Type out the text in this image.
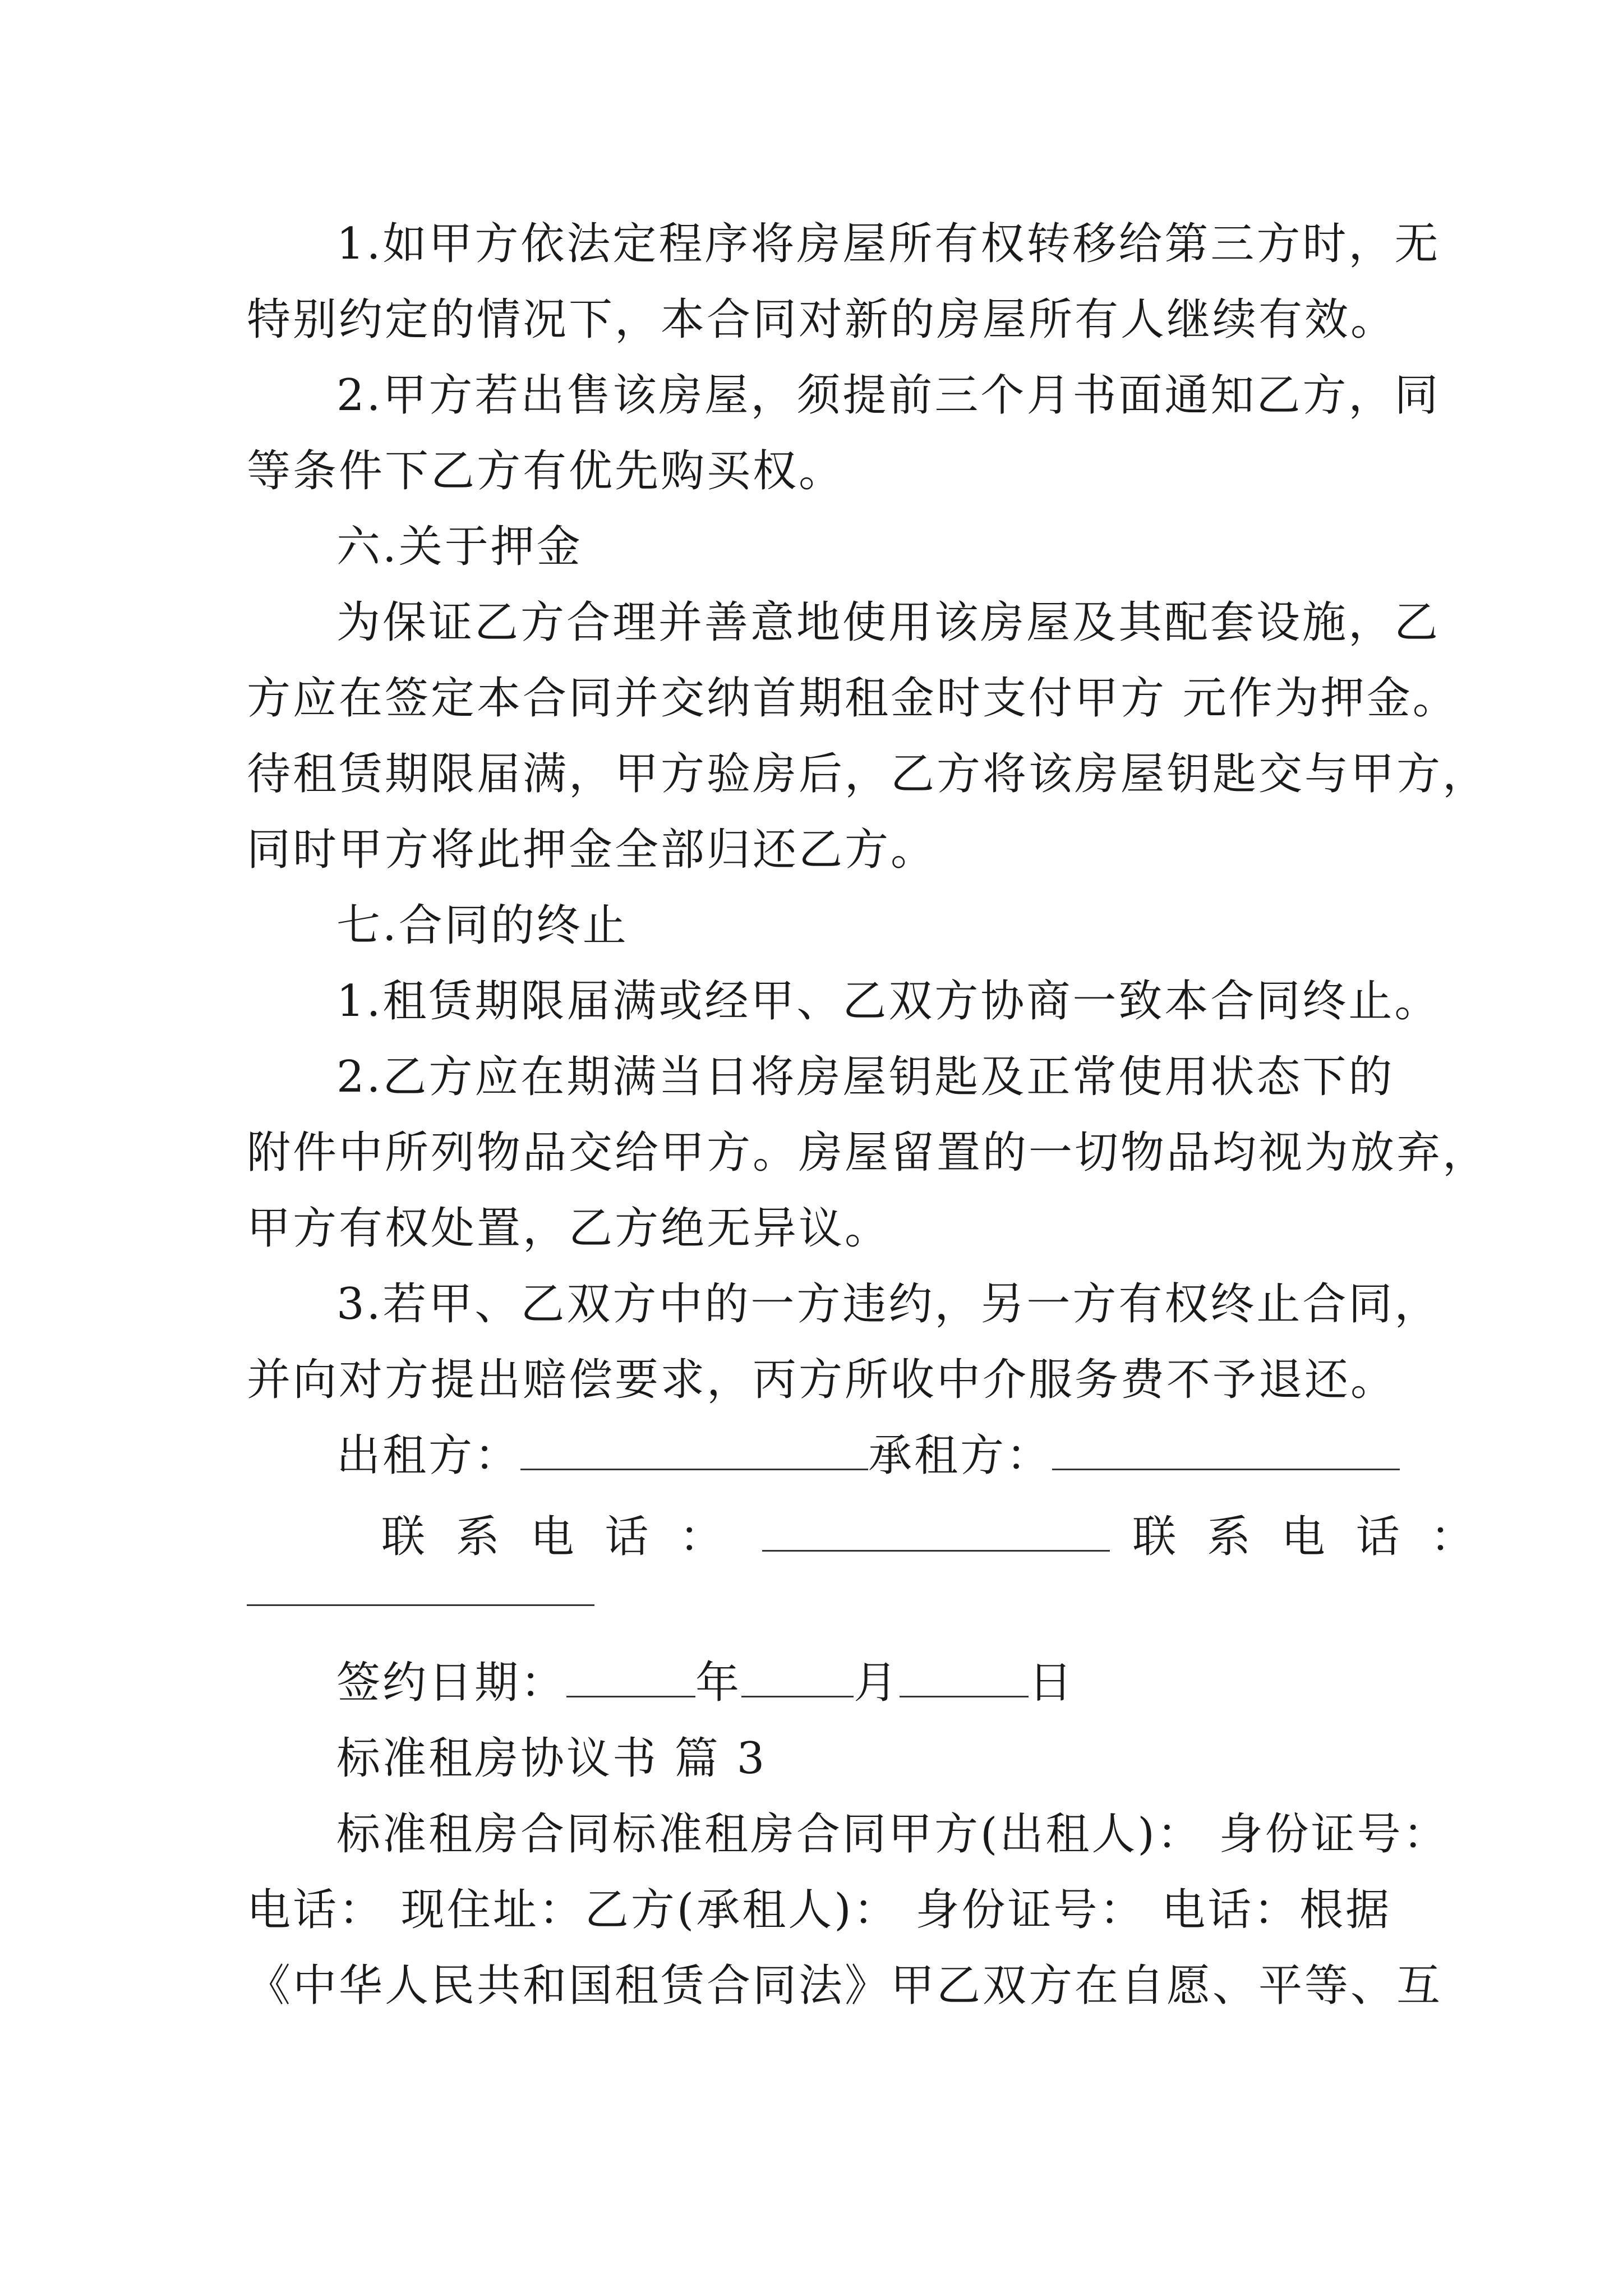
1.如甲方依法定程序将房屋所有权转移给第三方时，无
特别约定的情况下，本合同对新的房屋所有人继续有效。
2.甲方若出售该房屋，须提前三个月书面通知乙方，同
等条件下乙方有优先购买权。
六.关于押金
为保证乙方合理并善意地使用该房屋及其配套设施，乙
方应在签定本合同并交纳首期租金时支付甲方 元作为押金。
待租赁期限届满，甲方验房后，乙方将该房屋钥匙交与甲方，
同时甲方将此押金全部归还乙方。
七.合同的终止
1.租赁期限届满或经甲、乙双方协商一致本合同终止。
2.乙方应在期满当日将房屋钥匙及正常使用状态下的
附件中所列物品交给甲方。房屋留置的一切物品均视为放弃，
甲方有权处置，乙方绝无异议。
3.若甲、乙双方中的一方违约，另一方有权终止合同，
并向对方提出赔偿要求，丙方所收中介服务费不予退还。
出租方：	承租方：
联 系 电 话 ：	联 系 电 话 ：
签约日期：	年	月	日
标准租房协议书 篇 3
标准租房合同标准租房合同甲方(出租人)： 身份证号：
电话： 现住址：乙方(承租人)： 身份证号： 电话：根据
《中华人民共和国租赁合同法》甲乙双方在自愿、平等、互
